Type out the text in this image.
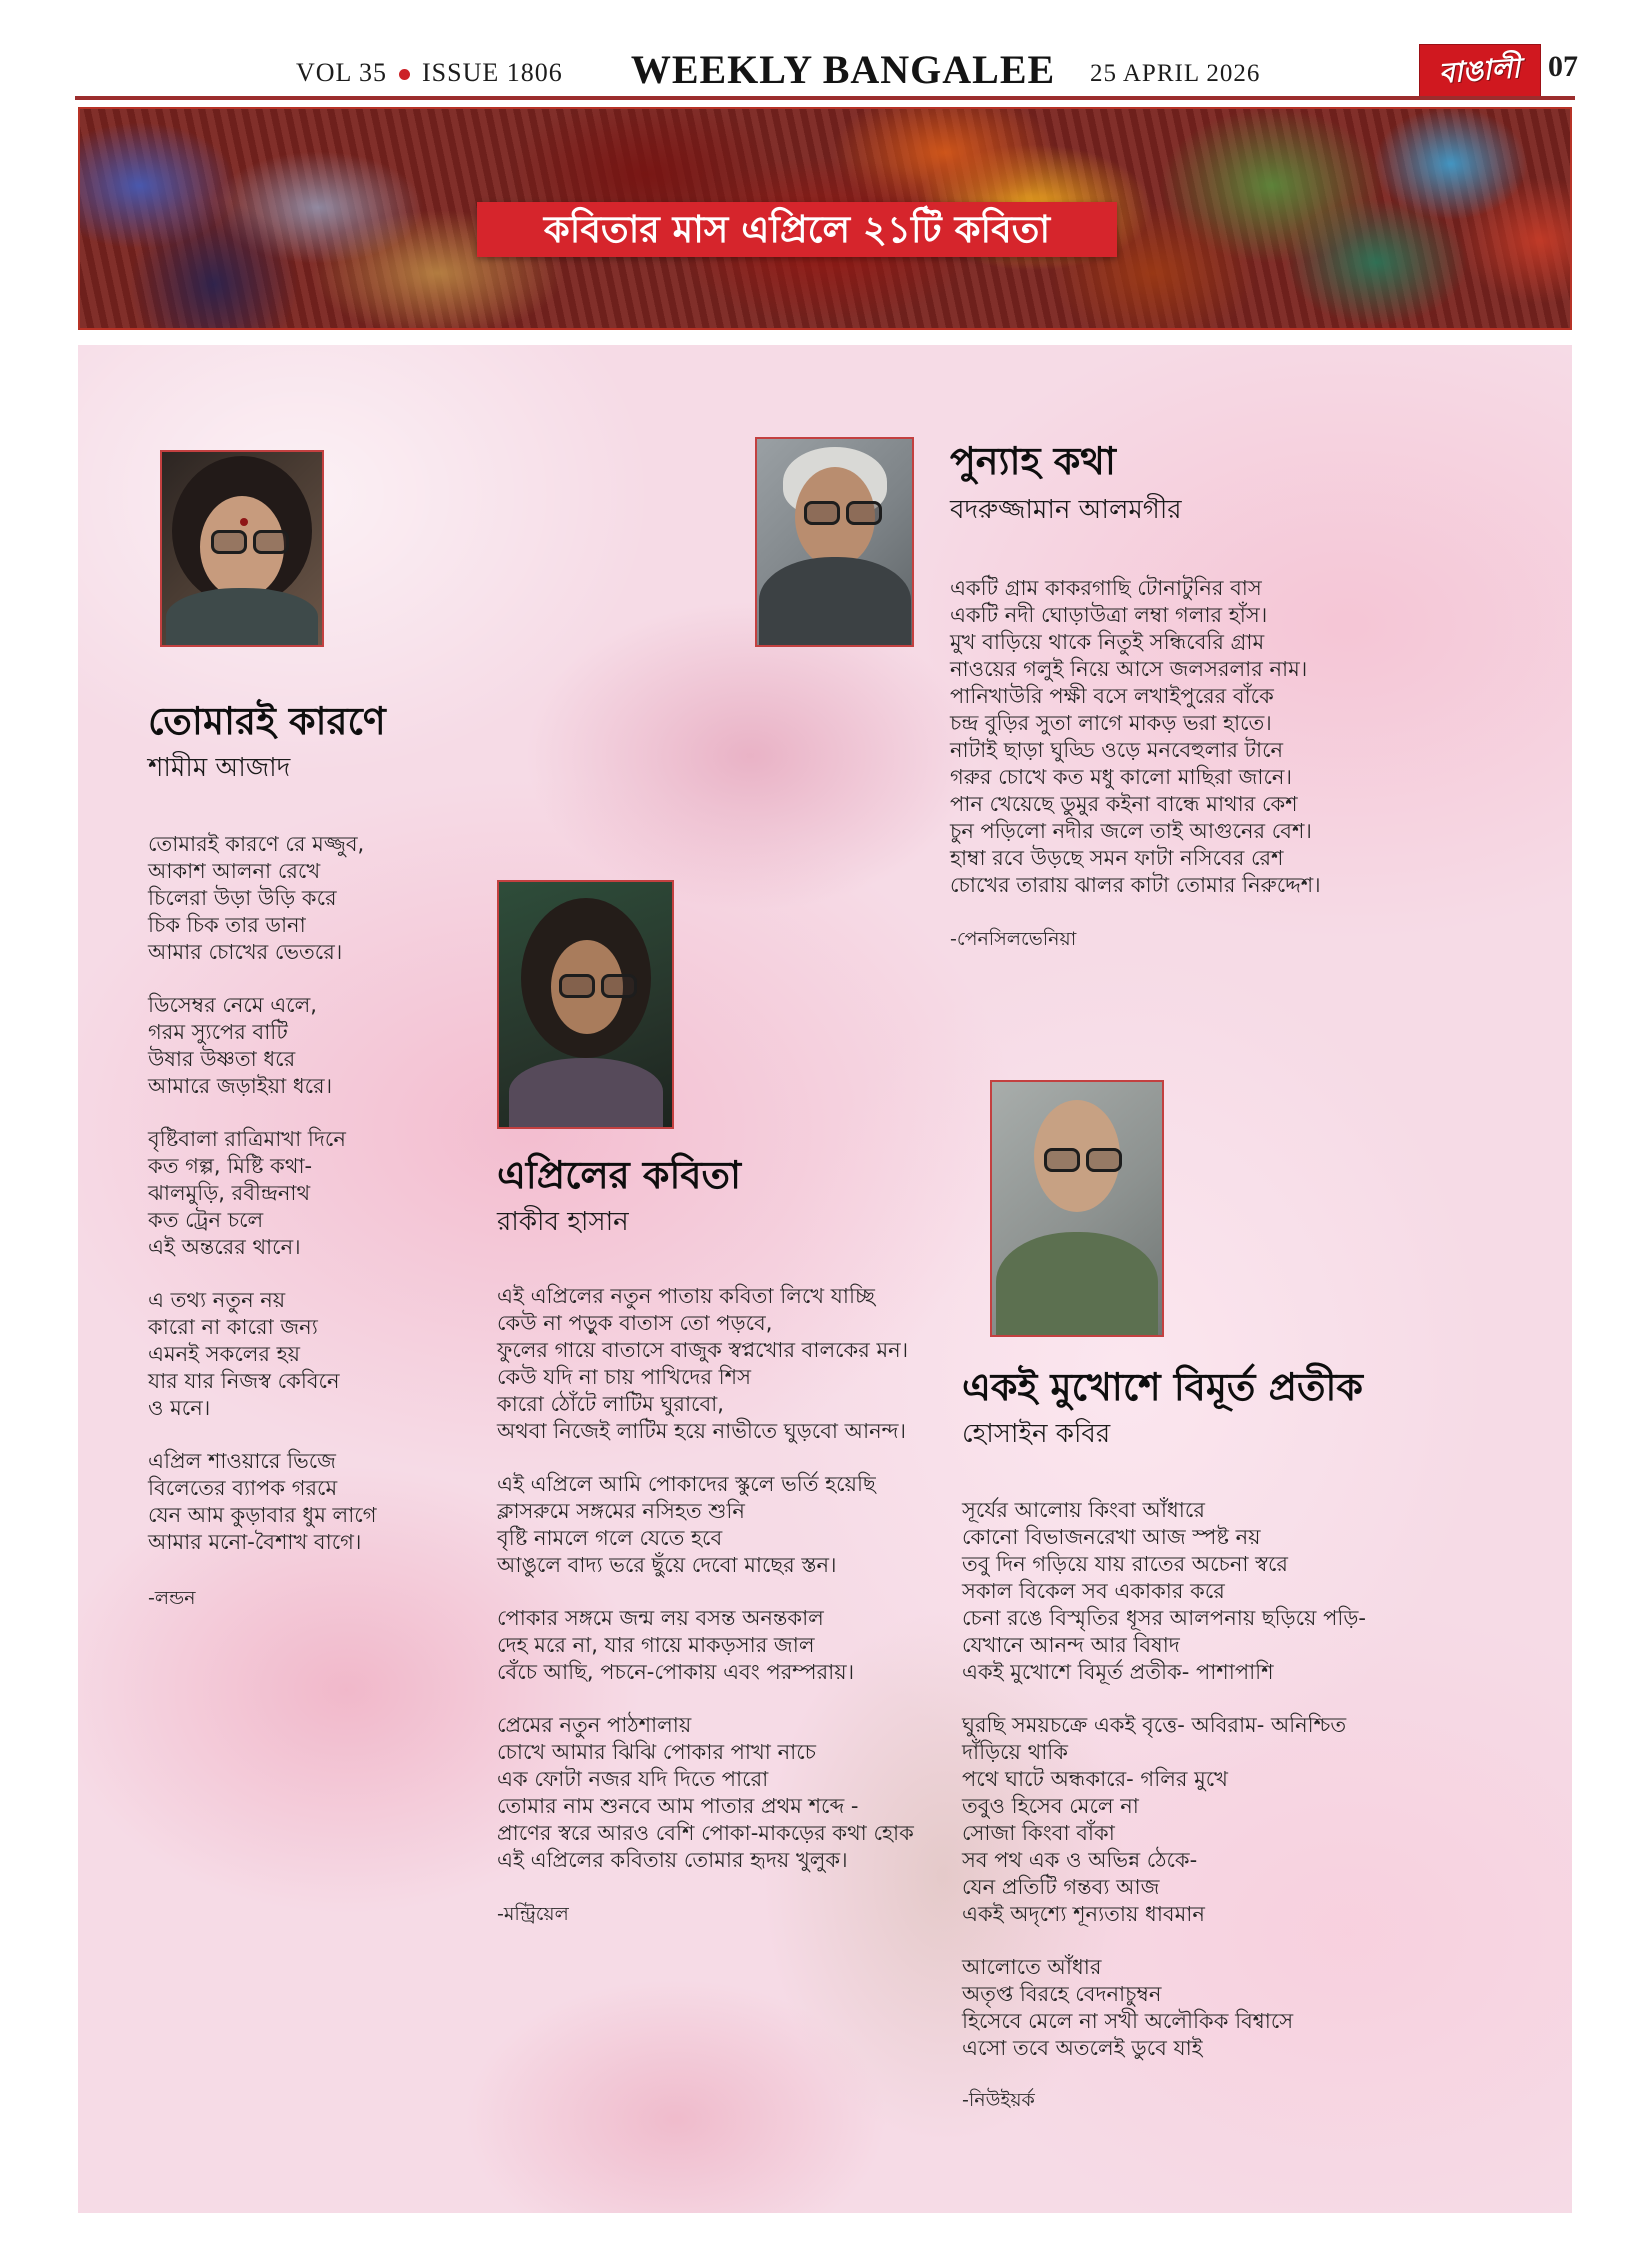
VOL 35 ISSUE 1806 WEEKLY BANGALEE 25 APRIL 2026	বাঙালী 07
কবিতার মাস এপ্রিলে ২১টি কবিতা
তোমারই কারণে
শামীম আজাদ
তোমারই কারণে রে মজ্জুব,
আকাশ আলনা রেখে
চিলেরা উড়া উড়ি করে
চিক চিক তার ডানা
আমার চোখের ভেতরে।
ডিসেম্বর নেমে এলে,
গরম স্যুপের বাটি
উষার উষ্ণতা ধরে
আমারে জড়াইয়া ধরে।
বৃষ্টিবালা রাত্রিমাখা দিনে
কত গল্প, মিষ্টি কথা-
ঝালমুড়ি, রবীন্দ্রনাথ
কত ট্রেন চলে
এই অন্তরের থানে।
এ তথ্য নতুন নয়
কারো না কারো জন্য
এমনই সকলের হয়
যার যার নিজস্ব কেবিনে
ও মনে।
এপ্রিল শাওয়ারে ভিজে
বিলেতের ব্যাপক গরমে
যেন আম কুড়াবার ধুম লাগে
আমার মনো-বৈশাখ বাগে।
-লন্ডন
পুন্যাহ কথা
বদরুজ্জামান আলমগীর
একটি গ্রাম কাকরগাছি টোনাটুনির বাস
একটি নদী ঘোড়াউত্রা লম্বা গলার হাঁস।
মুখ বাড়িয়ে থাকে নিতুই সন্ধিবেরি গ্রাম
নাওয়ের গলুই নিয়ে আসে জলসরলার নাম।
পানিখাউরি পক্ষী বসে লখাইপুরের বাঁকে
চন্দ্র বুড়ির সুতা লাগে মাকড় ভরা হাতে।
নাটাই ছাড়া ঘুড্ডি ওড়ে মনবেহুলার টানে
গরুর চোখে কত মধু কালো মাছিরা জানে।
পান খেয়েছে ডুমুর কইনা বান্ধে মাথার কেশ
চুন পড়িলো নদীর জলে তাই আগুনের বেশ।
হাম্বা রবে উড়ছে সমন ফাটা নসিবের রেশ
চোখের তারায় ঝালর কাটা তোমার নিরুদ্দেশ।
-পেনসিলভেনিয়া
এপ্রিলের কবিতা
রাকীব হাসান
এই এপ্রিলের নতুন পাতায় কবিতা লিখে যাচ্ছি
কেউ না পড়ুক বাতাস তো পড়বে,
ফুলের গায়ে বাতাসে বাজুক স্বপ্নখোর বালকের মন।
কেউ যদি না চায় পাখিদের শিস
কারো ঠোঁটে লাটিম ঘুরাবো,
অথবা নিজেই লাটিম হয়ে নাভীতে ঘুড়বো আনন্দ।
এই এপ্রিলে আমি পোকাদের স্কুলে ভর্তি হয়েছি
ক্লাসরুমে সঙ্গমের নসিহত শুনি
বৃষ্টি নামলে গলে যেতে হবে
আঙুলে বাদ্য ভরে ছুঁয়ে দেবো মাছের স্তন।
পোকার সঙ্গমে জন্ম লয় বসন্ত অনন্তকাল
দেহ মরে না, যার গায়ে মাকড়সার জাল
বেঁচে আছি, পচনে-পোকায় এবং পরম্পরায়।
প্রেমের নতুন পাঠশালায়
চোখে আমার ঝিঝি পোকার পাখা নাচে
এক ফোটা নজর যদি দিতে পারো
তোমার নাম শুনবে আম পাতার প্রথম শব্দে -
প্রাণের স্বরে আরও বেশি পোকা-মাকড়ের কথা হোক
এই এপ্রিলের কবিতায় তোমার হৃদয় খুলুক।
-মন্ট্রিয়েল
একই মুখোশে বিমূর্ত প্রতীক
হোসাইন কবির
সূর্যের আলোয় কিংবা আঁধারে
কোনো বিভাজনরেখা আজ স্পষ্ট নয়
তবু দিন গড়িয়ে যায় রাতের অচেনা স্বরে
সকাল বিকেল সব একাকার করে
চেনা রঙে বিস্মৃতির ধূসর আলপনায় ছড়িয়ে পড়ি-
যেখানে আনন্দ আর বিষাদ
একই মুখোশে বিমূর্ত প্রতীক- পাশাপাশি
ঘুরছি সময়চক্রে একই বৃত্তে- অবিরাম- অনিশ্চিত
দাঁড়িয়ে থাকি
পথে ঘাটে অন্ধকারে- গলির মুখে
তবুও হিসেব মেলে না
সোজা কিংবা বাঁকা
সব পথ এক ও অভিন্ন ঠেকে-
যেন প্রতিটি গন্তব্য আজ
একই অদৃশ্যে শূন্যতায় ধাবমান
আলোতে আঁধার
অতৃপ্ত বিরহে বেদনাচুম্বন
হিসেবে মেলে না সখী অলৌকিক বিশ্বাসে
এসো তবে অতলেই ডুবে যাই
-নিউইয়র্ক
